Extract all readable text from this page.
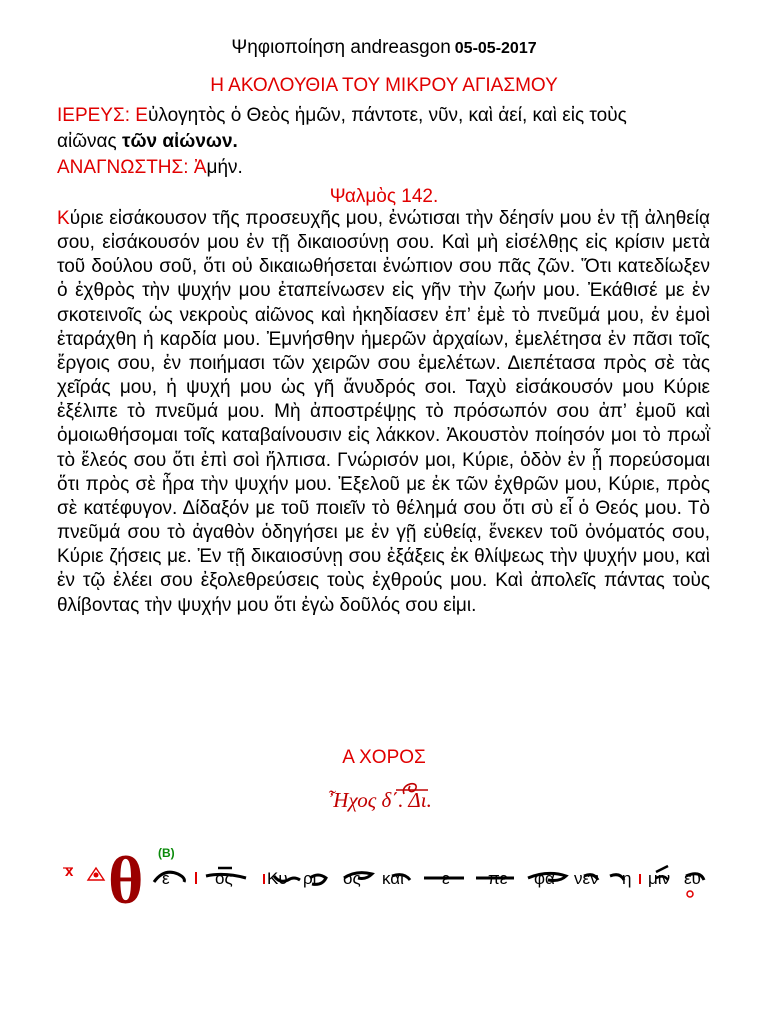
Ψηφιοποίηση andreasgon 05-05-2017
Η ΑΚΟΛΟΥΘΙΑ ΤΟΥ ΜΙΚΡΟΥ ΑΓΙΑΣΜΟΥ
ΙΕΡΕΥΣ: Εὐλογητὸς ὁ Θεὸς ἡμῶν, πάντοτε, νῦν, καὶ ἀεί, καὶ εἰς τοὺς
αἰῶνας τῶν αἰώνων.
ΑΝΑΓΝΩΣΤΗΣ: Ἀμήν.
Ψαλμὸς 142.
Κύριε εἰσάκουσον τῆς προσευχῆς μου, ἐνώτισαι τὴν δέησίν μου ἐν τῇ ἀληθείᾳ σου, εἰσάκουσόν μου ἐν τῇ δικαιοσύνῃ σου. Καὶ μὴ εἰσέλθῃς εἰς κρίσιν μετὰ τοῦ δούλου σοῦ, ὅτι οὐ δικαιωθήσεται ἐνώπιον σου πᾶς ζῶν. Ὅτι κατεδίωξεν ὁ ἐχθρὸς τὴν ψυχήν μου ἐταπείνωσεν εἰς γῆν τὴν ζωήν μου. Ἐκάθισέ με ἐν σκοτεινοῖς ὡς νεκροὺς αἰῶνος καὶ ἠκηδίασεν ἐπ’ ἐμὲ τὸ πνεῦμά μου, ἐν ἐμοὶ ἐταράχθη ἡ καρδία μου. Ἐμνήσθην ἡμερῶν ἀρχαίων, ἐμελέτησα ἐν πᾶσι τοῖς ἔργοις σου, ἐν ποιήμασι τῶν χειρῶν σου ἐμελέτων. Διεπέτασα πρὸς σὲ τὰς χεῖράς μου, ἡ ψυχή μου ὡς γῆ ἄνυδρός σοι. Ταχὺ εἰσάκουσόν μου Κύριε ἐξέλιπε τὸ πνεῦμά μου. Μὴ ἀποστρέψῃς τὸ πρόσωπόν σου ἀπ’ ἐμοῦ καὶ ὁμοιωθήσομαι τοῖς καταβαίνουσιν εἰς λάκκον. Ἀκουστὸν ποίησόν μοι τὸ πρωῒ τὸ ἔλεός σου ὅτι ἐπὶ σοὶ ἤλπισα. Γνώρισόν μοι, Κύριε, ὁδὸν ἐν ᾗ πορεύσομαι ὅτι πρὸς σὲ ἦρα τὴν ψυχήν μου. Ἐξελοῦ με ἐκ τῶν ἐχθρῶν μου, Κύριε, πρὸς σὲ κατέφυγον. Δίδαξόν με τοῦ ποιεῖν τὸ θέλημά σου ὅτι σὺ εἶ ὁ Θεός μου. Τὸ πνεῦμά σου τὸ ἀγαθὸν ὁδηγήσει με ἐν γῇ εὐθείᾳ, ἕνεκεν τοῦ ὀνόματός σου, Κύριε ζήσεις με. Ἐν τῇ δικαιοσύνῃ σου ἐξάξεις ἐκ θλίψεως τὴν ψυχήν μου, καὶ ἐν τῷ ἐλέει σου ἐξολεθρεύσεις τοὺς ἐχθρούς μου. Καὶ ἀπολεῖς πάντας τοὺς θλίβοντας τὴν ψυχήν μου ὅτι ἐγὼ δοῦλός σου εἰμι.
Α ΧΟΡΟΣ
Ἦχος δ΄. Δι.
x θ (B)
ε	ος Κυ ρι ος και ε πε φα νεν η μιν ευ
